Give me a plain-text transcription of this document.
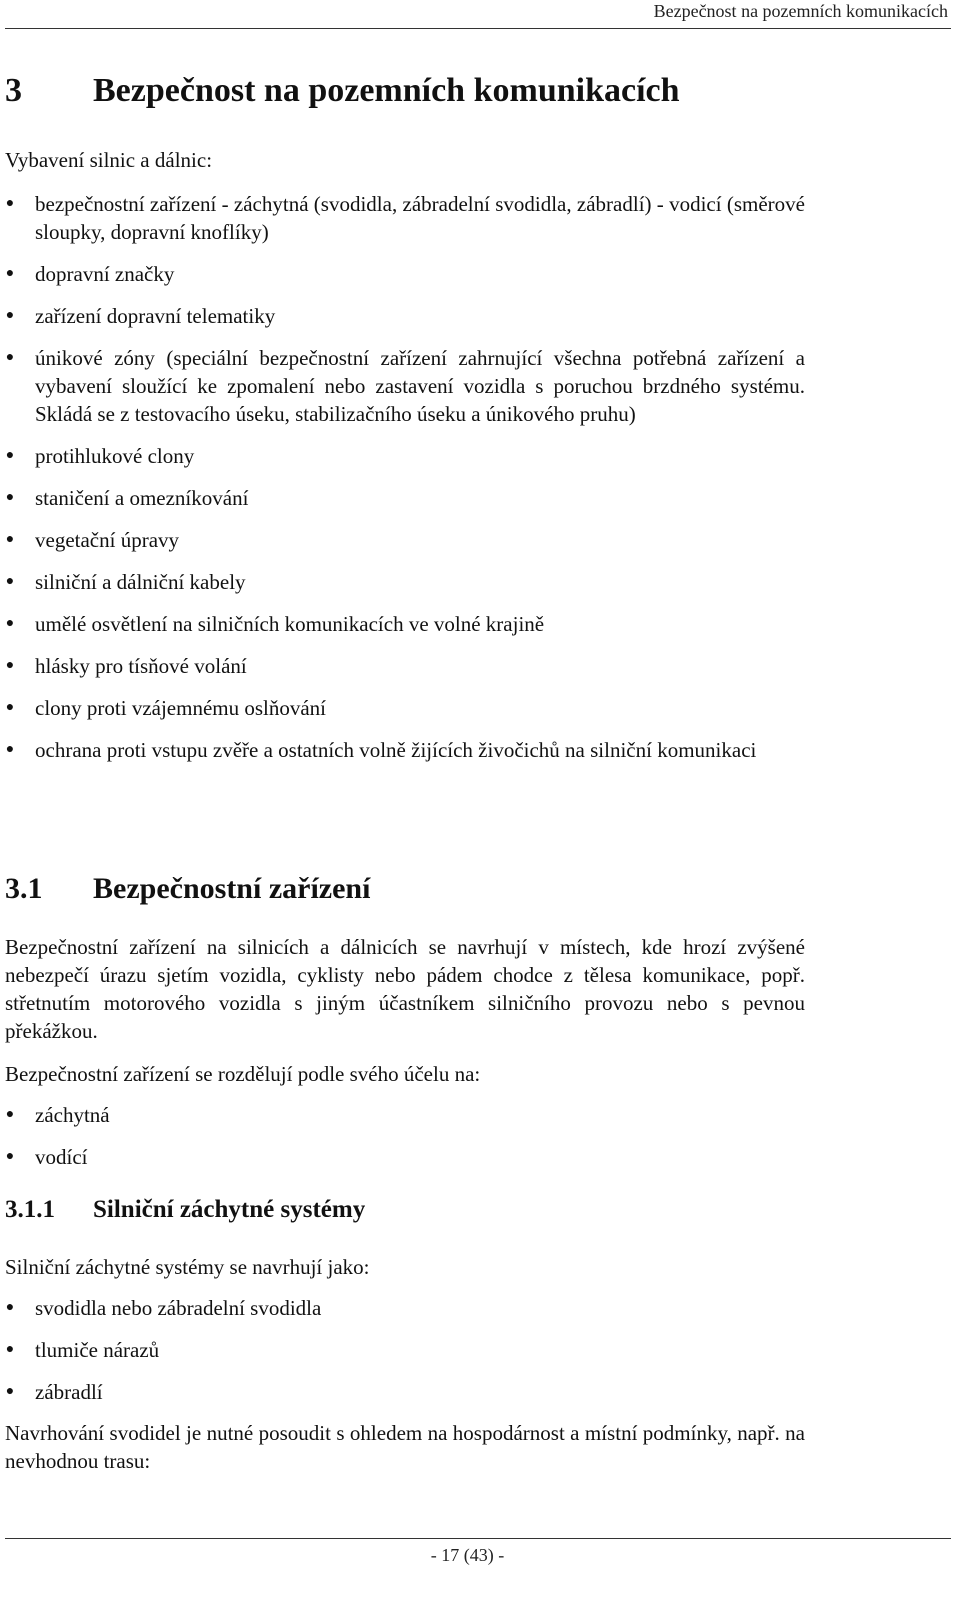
Bezpečnost na pozemních komunikacích
3 Bezpečnost na pozemních komunikacích
Vybavení silnic a dálnic:
● bezpečnostní zařízení - záchytná (svodidla, zábradelní svodidla, zábradlí) - vodicí (směrové sloupky, dopravní knoflíky)
● dopravní značky
● zařízení dopravní telematiky
● únikové zóny (speciální bezpečnostní zařízení zahrnující všechna potřebná zařízení a vybavení sloužící ke zpomalení nebo zastavení vozidla s poruchou brzdného systému. Skládá se z testovacího úseku, stabilizačního úseku a únikového pruhu)
● protihlukové clony
● staničení a omezníkování
● vegetační úpravy
● silniční a dálniční kabely
● umělé osvětlení na silničních komunikacích ve volné krajině
● hlásky pro tísňové volání
● clony proti vzájemnému oslňování
● ochrana proti vstupu zvěře a ostatních volně žijících živočichů na silniční komunikaci
3.1 Bezpečnostní zařízení
Bezpečnostní zařízení na silnicích a dálnicích se navrhují v místech, kde hrozí zvýšené nebezpečí úrazu sjetím vozidla, cyklisty nebo pádem chodce z tělesa komunikace, popř. střetnutím motorového vozidla s jiným účastníkem silničního provozu nebo s pevnou překážkou.
Bezpečnostní zařízení se rozdělují podle svého účelu na:
● záchytná
● vodící
3.1.1 Silniční záchytné systémy
Silniční záchytné systémy se navrhují jako:
● svodidla nebo zábradelní svodidla
● tlumiče nárazů
● zábradlí
Navrhování svodidel je nutné posoudit s ohledem na hospodárnost a místní podmínky, např. na nevhodnou trasu:
- 17 (43) -
